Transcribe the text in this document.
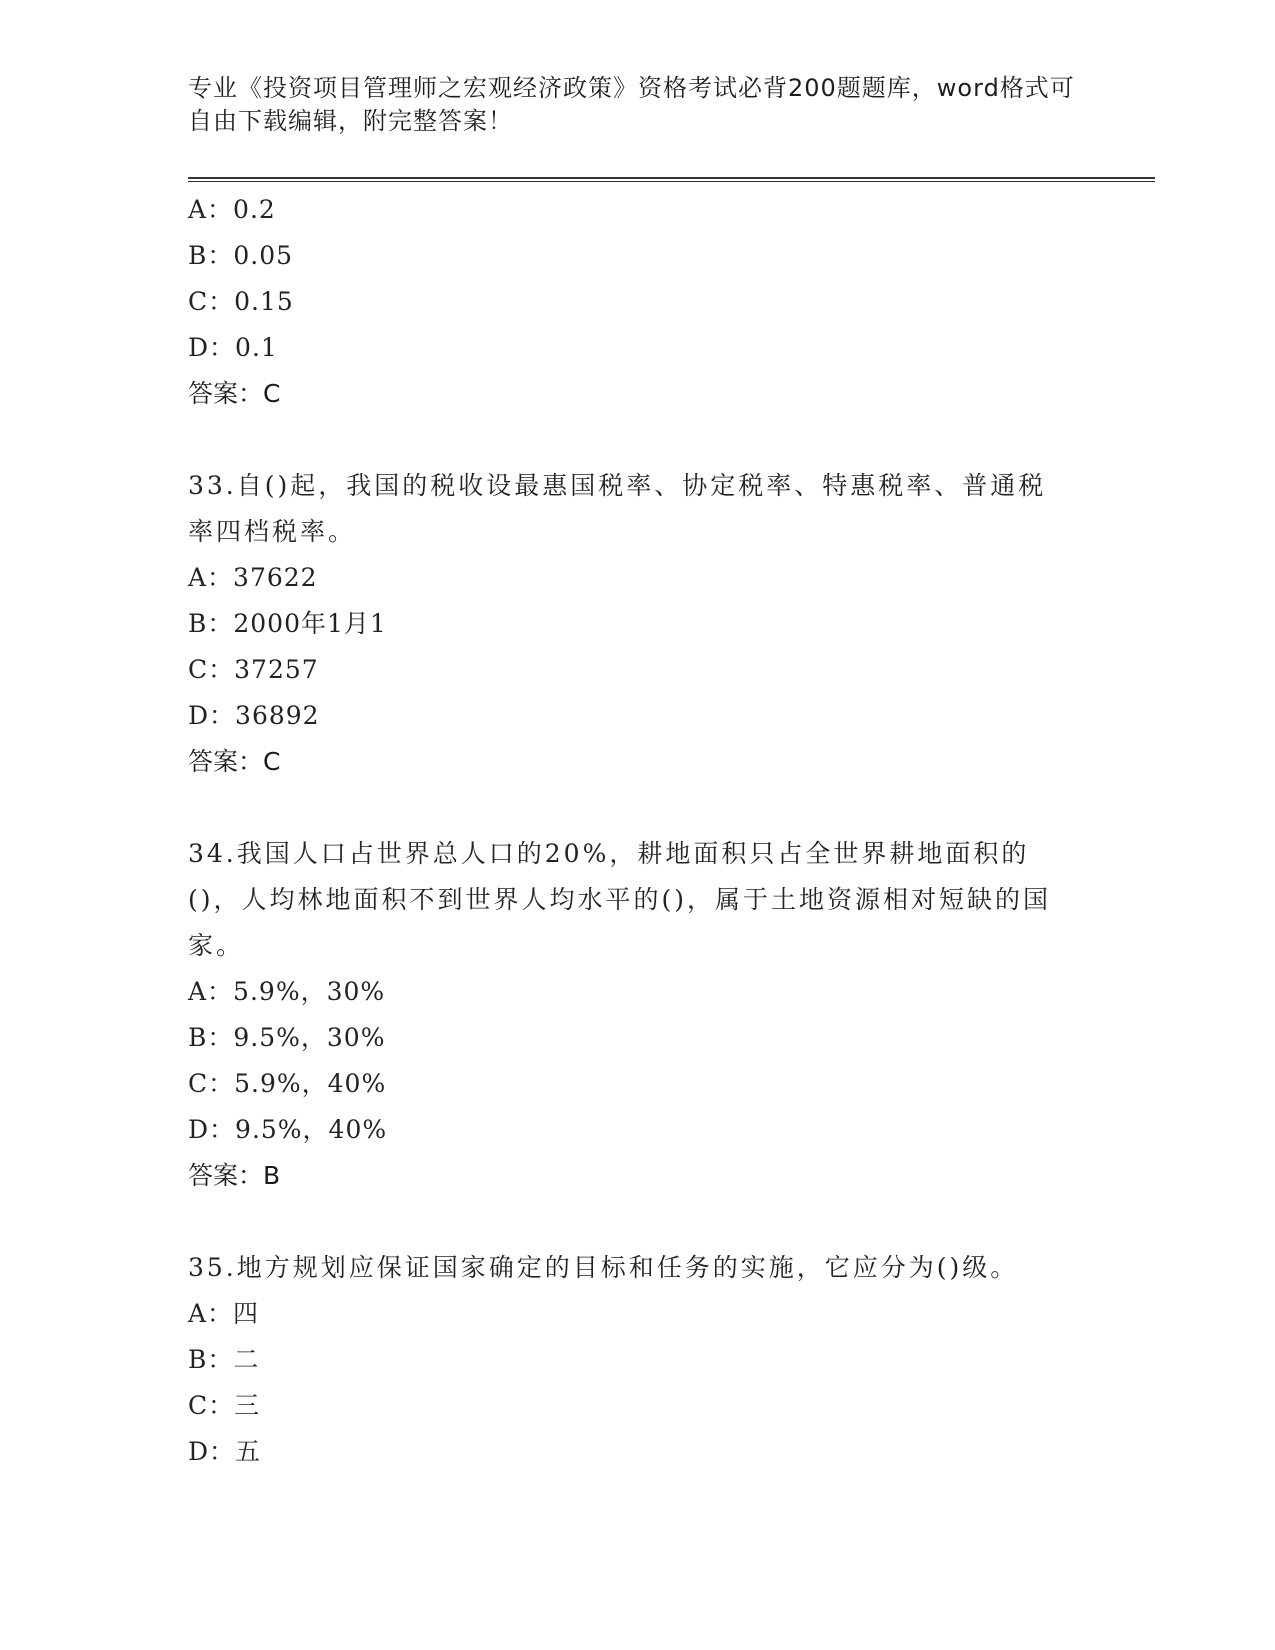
专业《投资项目管理师之宏观经济政策》资格考试必背200题题库，word格式可
自由下载编辑，附完整答案！
A：0.2
B：0.05
C：0.15
D：0.1
答案：C
33.自()起，我国的税收设最惠国税率、协定税率、特惠税率、普通税率四档税率。
A：37622
B：2000年1月1
C：37257
D：36892
答案：C
34.我国人口占世界总人口的20%，耕地面积只占全世界耕地面积的()，人均林地面积不到世界人均水平的()，属于土地资源相对短缺的国家。
A：5.9%，30%
B：9.5%，30%
C：5.9%，40%
D：9.5%，40%
答案：B
35.地方规划应保证国家确定的目标和任务的实施，它应分为()级。
A：四
B：二
C：三
D：五
